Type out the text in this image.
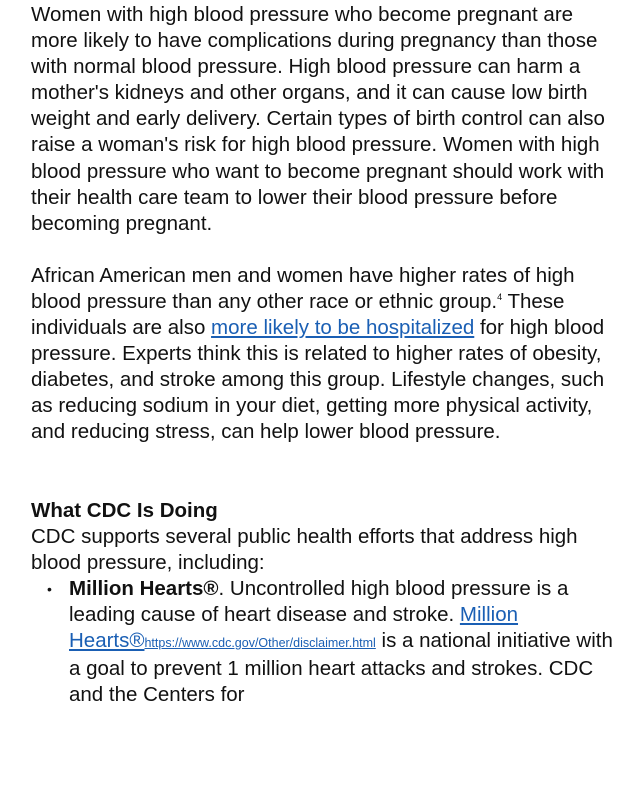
Women with high blood pressure who become pregnant are more likely to have complications during pregnancy than those with normal blood pressure. High blood pressure can harm a mother's kidneys and other organs, and it can cause low birth weight and early delivery. Certain types of birth control can also raise a woman's risk for high blood pressure. Women with high blood pressure who want to become pregnant should work with their health care team to lower their blood pressure before becoming pregnant.

African American men and women have higher rates of high blood pressure than any other race or ethnic group.$^4$ These individuals are also more likely to be hospitalized for high blood pressure. Experts think this is related to higher rates of obesity, diabetes, and stroke among this group. Lifestyle changes, such as reducing sodium in your diet, getting more physical activity, and reducing stress, can help lower blood pressure.

What CDC Is Doing

CDC supports several public health efforts that address high blood pressure, including:

• Million Hearts®. Uncontrolled high blood pressure is a leading cause of heart disease and stroke. Million Hearts®https://www.cdc.gov/Other/disclaimer.html is a national initiative with a goal to prevent 1 million heart attacks and strokes. CDC and the Centers for
